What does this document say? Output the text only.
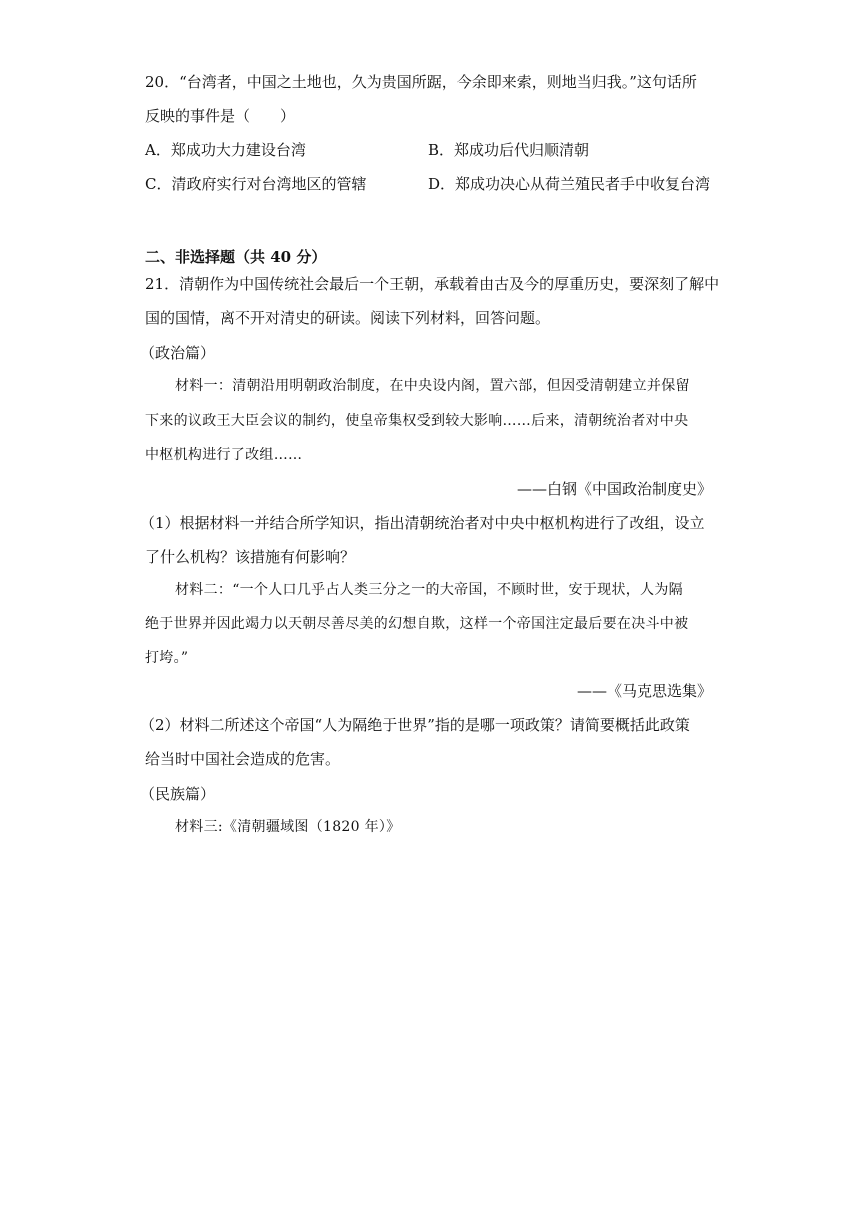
20．“台湾者，中国之土地也，久为贵国所踞，今余即来索，则地当归我。”这句话所
反映的事件是（　　）
A．郑成功大力建设台湾	B．郑成功后代归顺清朝
C．清政府实行对台湾地区的管辖	D．郑成功决心从荷兰殖民者手中收复台湾
二、非选择题（共 40 分）
21．清朝作为中国传统社会最后一个王朝，承载着由古及今的厚重历史，要深刻了解中
国的国情，离不开对清史的研读。阅读下列材料，回答问题。
（政治篇）
材料一：清朝沿用明朝政治制度，在中央设内阁，置六部，但因受清朝建立并保留
下来的议政王大臣会议的制约，使皇帝集权受到较大影响……后来，清朝统治者对中央
中枢机构进行了改组……
——白钢《中国政治制度史》
（1）根据材料一并结合所学知识，指出清朝统治者对中央中枢机构进行了改组，设立
了什么机构？该措施有何影响？
材料二：“一个人口几乎占人类三分之一的大帝国，不顾时世，安于现状，人为隔
绝于世界并因此竭力以天朝尽善尽美的幻想自欺，这样一个帝国注定最后要在决斗中被
打垮。”
——《马克思选集》
（2）材料二所述这个帝国“人为隔绝于世界”指的是哪一项政策？请简要概括此政策
给当时中国社会造成的危害。
（民族篇）
材料三:《清朝疆域图（1820 年）》
